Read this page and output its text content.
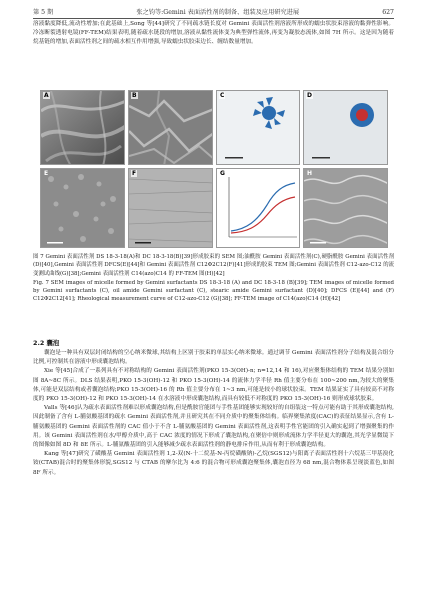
第 5 期	张之钧等:Gemini 表面活性剂的制备、组装及应用研究进展	627

溶液黏度降低,流动性增加;在此基础上,Song 等[44]研究了不同疏水链长度对 Gemini 表面活性剂溶液所形成的蠕虫状胶束溶液的黏弹性影响。冷冻断裂透射电镜(FF-TEM)结果表明,随着疏水链段的增加,溶液从黏性流体变为典型弹性流体,再变为凝胶态流体,如图 7H 所示。这是因为随着烷基链的增加,表面活性剂之间的疏水相互作用增强,导致蠕虫状胶束边长、缠结数量增加。

A	B	C	D
E	F	G	H

图 7 Gemini 表面活性剂 DS 18-3-18(A)和 DC 18-3-18(B)[39]形成胶束的 SEM 图;油酰胺 Gemini 表面活性剂(C),硬脂酰胺 Gemini 表面活性剂(D)[40],Gemini 表面活性剂 DFCS(E)[44]和 Gemini 表面活性剂 C12Φ2C12(F)[41]形成的胶束 TEM 图;Gemini 表面活性剂 C12-azo-C12 的流变测试曲线(G)[38];Gemini 表面活性剂 C14(azo)C14 的 FF-TEM 图(H)[42]

Fig. 7 SEM images of micelle formed by Gemini surfactants DS 18-3-18 (A) and DC 18-3-18 (B)[39]; TEM images of micelle formed by Gemini surfactants (C), oil amide Gemini surfactant (C), stearic amide Gemini surfactant (D)[40]; DFCS (E)[44] and (F) C12Φ2C12[41]; Rheological measurement curve of C12-azo-C12 (G)[38]; FF-TEM image of C14(azo)C14 (H)[42]

2.2 囊泡

囊泡是一种具有双层封闭结构的空心纳米微球,其结构上区别于胶束的单层实心纳米微球。通过调节 Gemini 表面活性剂分子结构及混合组分比例,可控制其在溶液中形成囊泡结构。

Xie 等[45]合成了一系列具有不对称结构的 Gemini 表面活性剂(PKO 15-3(OH)-n; n=12,14 和 16),对应聚集体结构的 TEM 结果分别如图 8A~8C 所示。DLS 结果表明,PKO 15-3(OH)-12 和 PKO 15-3(OH)-14 的流体力学半径 Rh 值主要分布在 100~200 nm,为较大的聚集体,可能是双层结构或者囊泡结构;PKO 15-3(OH)-16 的 Rh 值主要分布在 1~3 nm,可能是较小的球状胶束。TEM 结果证实了具有较高不对称度的 PKO 15-3(OH)-12 和 PKO 15-3(OH)-14 在水溶液中形成囊泡结构,而具有较低不对称度的 PKO 15-3(OH)-16 则形成球状胶束。

Valls 等[46]认为疏水表面活性剂难以形成囊泡结构,但是酰胺官能团与手性基团能够实现较好的自组装这一特点可能有助于其形成囊泡结构,因此制备了含有 L-脯氨酸基团的疏水 Gemini 表面活性剂,并且研究其在不同介质中的聚集体结构。临界聚集浓度(CAC)的表征结果显示,含有 L-脯氨酸基团的 Gemini 表面活性剂的 CAC 值小于不含 L-脯氨酸基团的 Gemini 表面活性剂,这表明手性官能团的引入确实起到了增强聚集的作用。该 Gemini 表面活性剂在水/甲醇介质中,高于 CAC 浓度的情况下形成了囊泡结构,在聚倍中则形成流体力学半径更大的囊泡,其光学显微镜下的图像如图 8D 和 8E 所示。L-脯氨酸基团的引入能够减少疏水表面活性剂的静电排斥作用,从而有利于形成囊泡结构。

Kang 等[47]研究了磺酸基 Gemini 表面活性剂 1,2-双(N-十二烷基-N-丙烷磺酸钠)-乙烷(SGS12)与阳离子表面活性剂十六烷基三甲基溴化铵(CTAB)混合时的聚集体形貌,SGS12 与 CTAB 的摩尔比为 4:6 的混合物可形成囊泡聚集体,囊泡直径为 68 nm,混合物体系呈现淡蓝色,如图 8F 所示。
